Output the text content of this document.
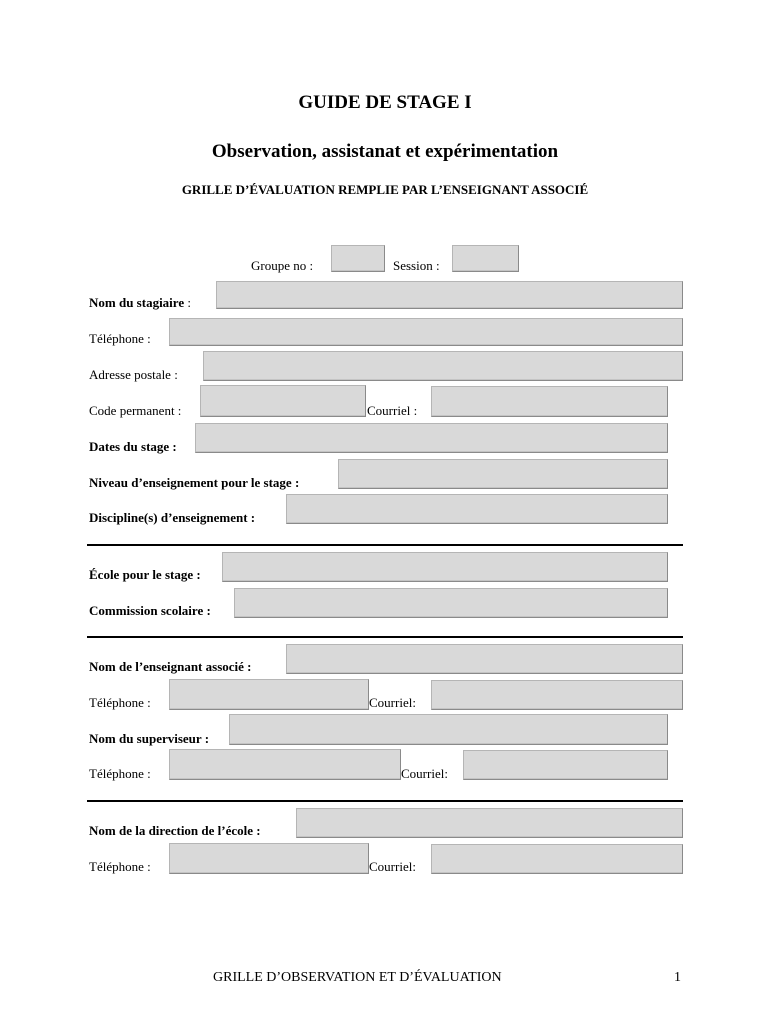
GUIDE DE STAGE I
Observation, assistanat et expérimentation
GRILLE D’ÉVALUATION REMPLIE PAR L’ENSEIGNANT ASSOCIÉ
Groupe no :	Session :
Nom du stagiaire :
Téléphone :
Adresse postale :
Code permanent :	Courriel :
Dates du stage :
Niveau d’enseignement pour le stage :
Discipline(s) d’enseignement :
École pour le stage :
Commission scolaire :
Nom de l’enseignant associé :
Téléphone :	Courriel:
Nom du superviseur :
Téléphone :	Courriel:
Nom de la direction de l’école :
Téléphone :	Courriel:
GRILLE D’OBSERVATION ET D’ÉVALUATION	1
